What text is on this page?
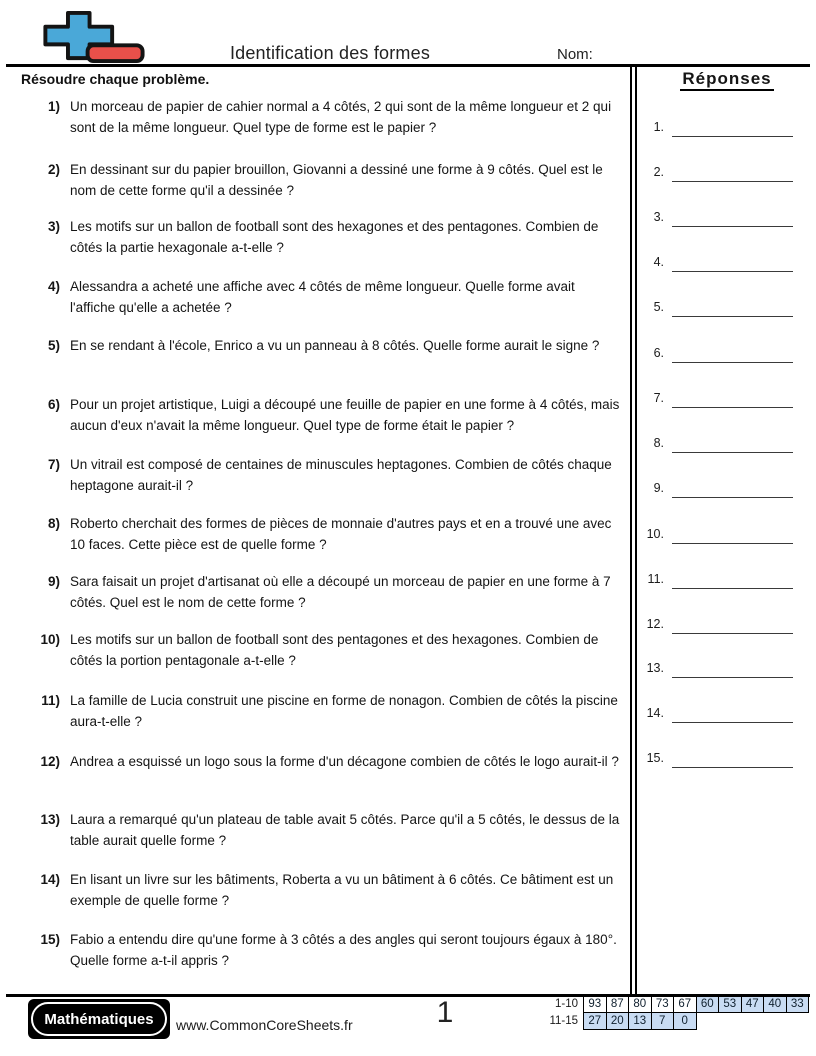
Identification des formes	Nom:
Résoudre chaque problème.
1) Un morceau de papier de cahier normal a 4 côtés, 2 qui sont de la même longueur et 2 qui sont de la même longueur. Quel type de forme est le papier ?
2) En dessinant sur du papier brouillon, Giovanni a dessiné une forme à 9 côtés. Quel est le nom de cette forme qu'il a dessinée ?
3) Les motifs sur un ballon de football sont des hexagones et des pentagones. Combien de côtés la partie hexagonale a-t-elle ?
4) Alessandra a acheté une affiche avec 4 côtés de même longueur. Quelle forme avait l'affiche qu'elle a achetée ?
5) En se rendant à l'école, Enrico a vu un panneau à 8 côtés. Quelle forme aurait le signe ?
6) Pour un projet artistique, Luigi a découpé une feuille de papier en une forme à 4 côtés, mais aucun d'eux n'avait la même longueur. Quel type de forme était le papier ?
7) Un vitrail est composé de centaines de minuscules heptagones. Combien de côtés chaque heptagone aurait-il ?
8) Roberto cherchait des formes de pièces de monnaie d'autres pays et en a trouvé une avec 10 faces. Cette pièce est de quelle forme ?
9) Sara faisait un projet d'artisanat où elle a découpé un morceau de papier en une forme à 7 côtés. Quel est le nom de cette forme ?
10) Les motifs sur un ballon de football sont des pentagones et des hexagones. Combien de côtés la portion pentagonale a-t-elle ?
11) La famille de Lucia construit une piscine en forme de nonagon. Combien de côtés la piscine aura-t-elle ?
12) Andrea a esquissé un logo sous la forme d'un décagone combien de côtés le logo aurait-il ?
13) Laura a remarqué qu'un plateau de table avait 5 côtés. Parce qu'il a 5 côtés, le dessus de la table aurait quelle forme ?
14) En lisant un livre sur les bâtiments, Roberta a vu un bâtiment à 6 côtés. Ce bâtiment est un exemple de quelle forme ?
15) Fabio a entendu dire qu'une forme à 3 côtés a des angles qui seront toujours égaux à 180°. Quelle forme a-t-il appris ?
Réponses
1.
2.
3.
4.
5.
6.
7.
8.
9.
10.
11.
12.
13.
14.
15.
Mathématiques www.CommonCoreSheets.fr	1	1-10 93 87 80 73 67 60 53 47 40 33
11-15 27 20 13	7	0
